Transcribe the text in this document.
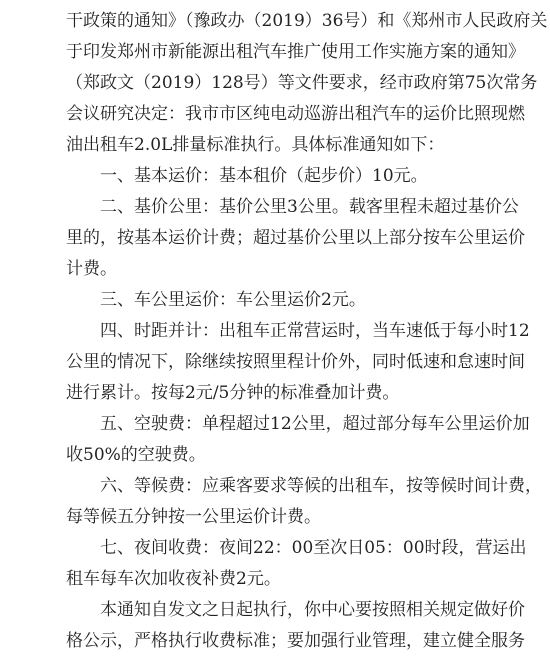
干政策的通知》（豫政办（2019）36号）和《郑州市人民政府关
于印发郑州市新能源出租汽车推广使用工作实施方案的通知》
（郑政文（2019）128号）等文件要求，经市政府第75次常务
会议研究决定：我市市区纯电动巡游出租汽车的运价比照现燃
油出租车2.0L排量标准执行。具体标准通知如下：
一、基本运价：基本租价（起步价）10元。
二、基价公里：基价公里3公里。载客里程未超过基价公
里的，按基本运价计费；超过基价公里以上部分按车公里运价
计费。
三、车公里运价：车公里运价2元。
四、时距并计：出租车正常营运时，当车速低于每小时12
公里的情况下，除继续按照里程计价外，同时低速和怠速时间
进行累计。按每2元/5分钟的标准叠加计费。
五、空驶费：单程超过12公里，超过部分每车公里运价加
收50%的空驶费。
六、等候费：应乘客要求等候的出租车，按等候时间计费，
每等候五分钟按一公里运价计费。
七、夜间收费：夜间22：00至次日05：00时段，营运出
租车每车次加收夜补费2元。
本通知自发文之日起执行，你中心要按照相关规定做好价
格公示，严格执行收费标准；要加强行业管理，建立健全服务
